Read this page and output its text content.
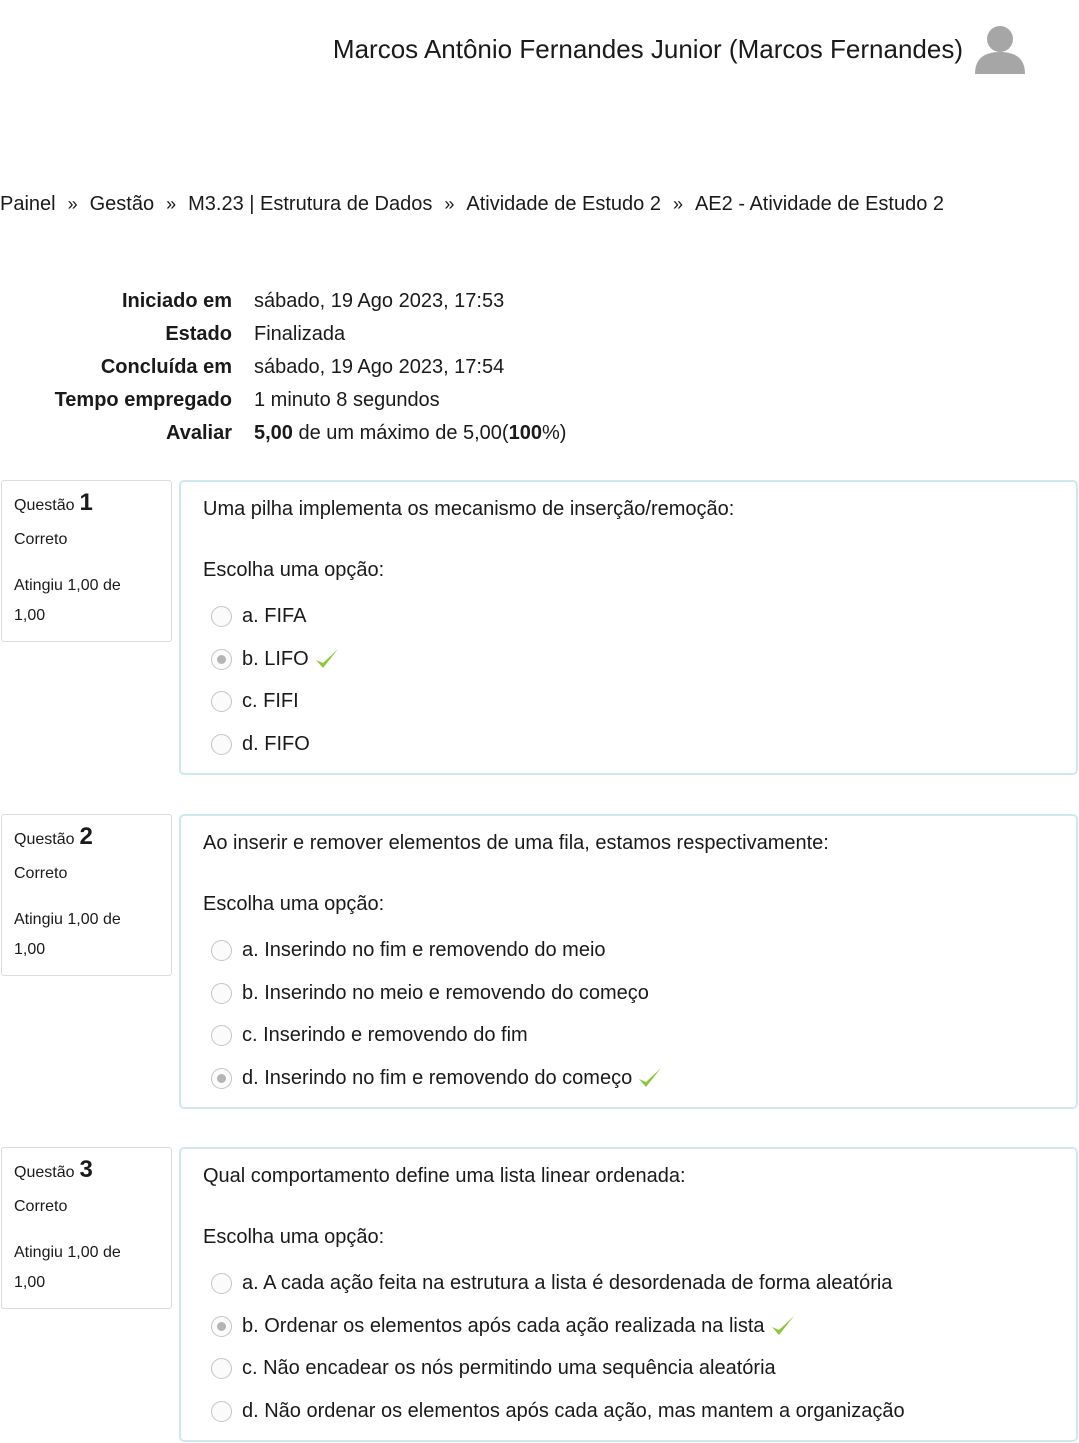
Marcos Antônio Fernandes Junior (Marcos Fernandes)
Painel » Gestão » M3.23 | Estrutura de Dados » Atividade de Estudo 2 » AE2 - Atividade de Estudo 2
Iniciado em	sábado, 19 Ago 2023, 17:53
Estado	Finalizada
Concluída em	sábado, 19 Ago 2023, 17:54
Tempo empregado	1 minuto 8 segundos
Avaliar	5,00 de um máximo de 5,00(100%)
Questão 1
Correto
Atingiu 1,00 de 1,00
Uma pilha implementa os mecanismo de inserção/remoção:
Escolha uma opção:
a. FIFA
b. LIFO
c. FIFI
d. FIFO
Questão 2
Correto
Atingiu 1,00 de 1,00
Ao inserir e remover elementos de uma fila, estamos respectivamente:
Escolha uma opção:
a. Inserindo no fim e removendo do meio
b. Inserindo no meio e removendo do começo
c. Inserindo e removendo do fim
d. Inserindo no fim e removendo do começo
Questão 3
Correto
Atingiu 1,00 de 1,00
Qual comportamento define uma lista linear ordenada:
Escolha uma opção:
a. A cada ação feita na estrutura a lista é desordenada de forma aleatória
b. Ordenar os elementos após cada ação realizada na lista
c. Não encadear os nós permitindo uma sequência aleatória
d. Não ordenar os elementos após cada ação, mas mantem a organização
